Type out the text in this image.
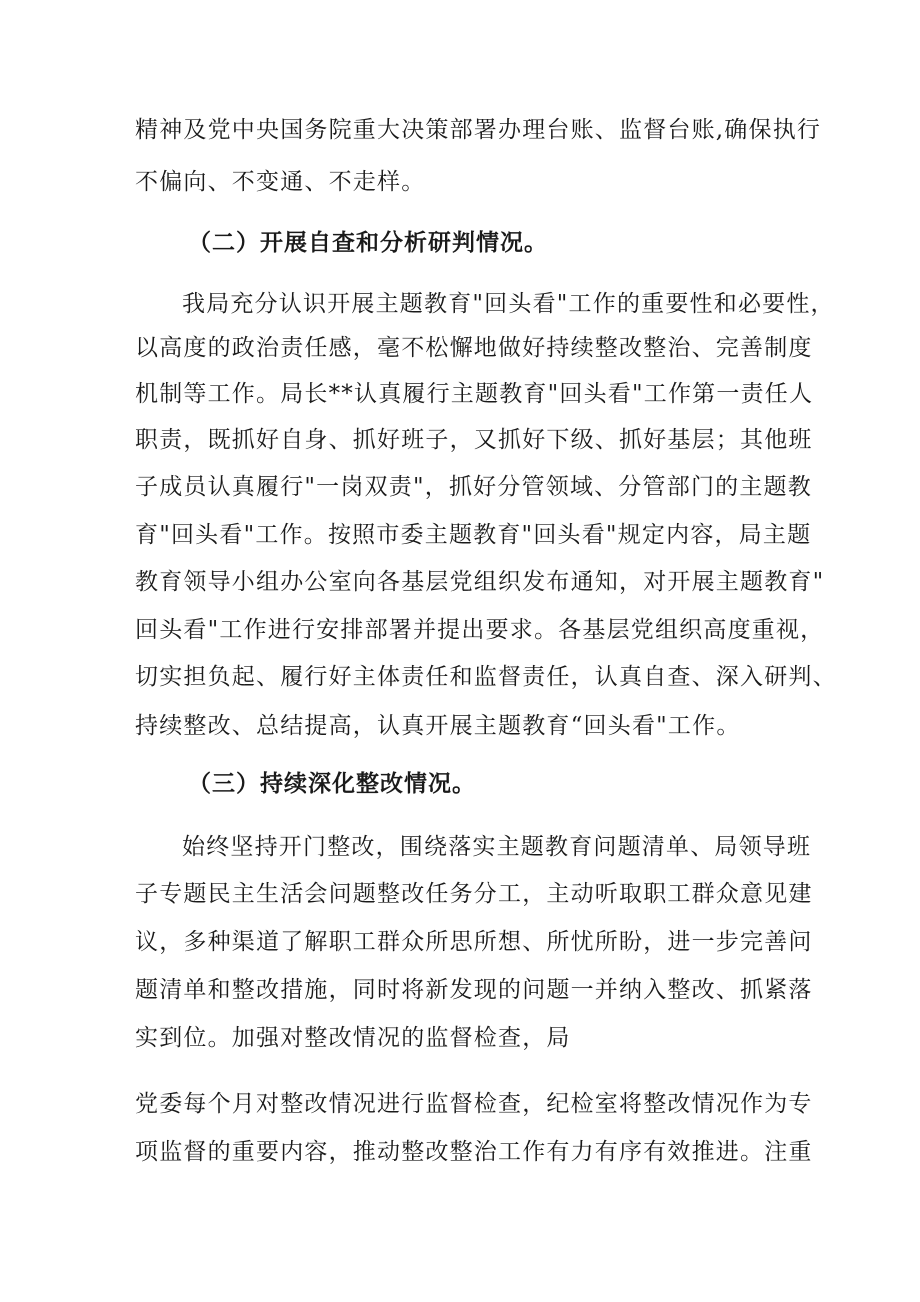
精神及党中央国务院重大决策部署办理台账、监督台账,确保执行
不偏向、不变通、不走样。
（二）开展自查和分析研判情况。
我局充分认识开展主题教育"回头看"工作的重要性和必要性，
以高度的政治责任感，毫不松懈地做好持续整改整治、完善制度
机制等工作。局长**认真履行主题教育"回头看"工作第一责任人
职责，既抓好自身、抓好班子，又抓好下级、抓好基层；其他班
子成员认真履行"一岗双责"，抓好分管领域、分管部门的主题教
育"回头看"工作。按照市委主题教育"回头看"规定内容，局主题
教育领导小组办公室向各基层党组织发布通知，对开展主题教育"
回头看"工作进行安排部署并提出要求。各基层党组织高度重视，
切实担负起、履行好主体责任和监督责任，认真自查、深入研判、
持续整改、总结提高，认真开展主题教育“回头看"工作。
（三）持续深化整改情况。
始终坚持开门整改，围绕落实主题教育问题清单、局领导班
子专题民主生活会问题整改任务分工，主动听取职工群众意见建
议，多种渠道了解职工群众所思所想、所忧所盼，进一步完善问
题清单和整改措施，同时将新发现的问题一并纳入整改、抓紧落
实到位。加强对整改情况的监督检查，局
党委每个月对整改情况进行监督检查，纪检室将整改情况作为专
项监督的重要内容，推动整改整治工作有力有序有效推进。注重
